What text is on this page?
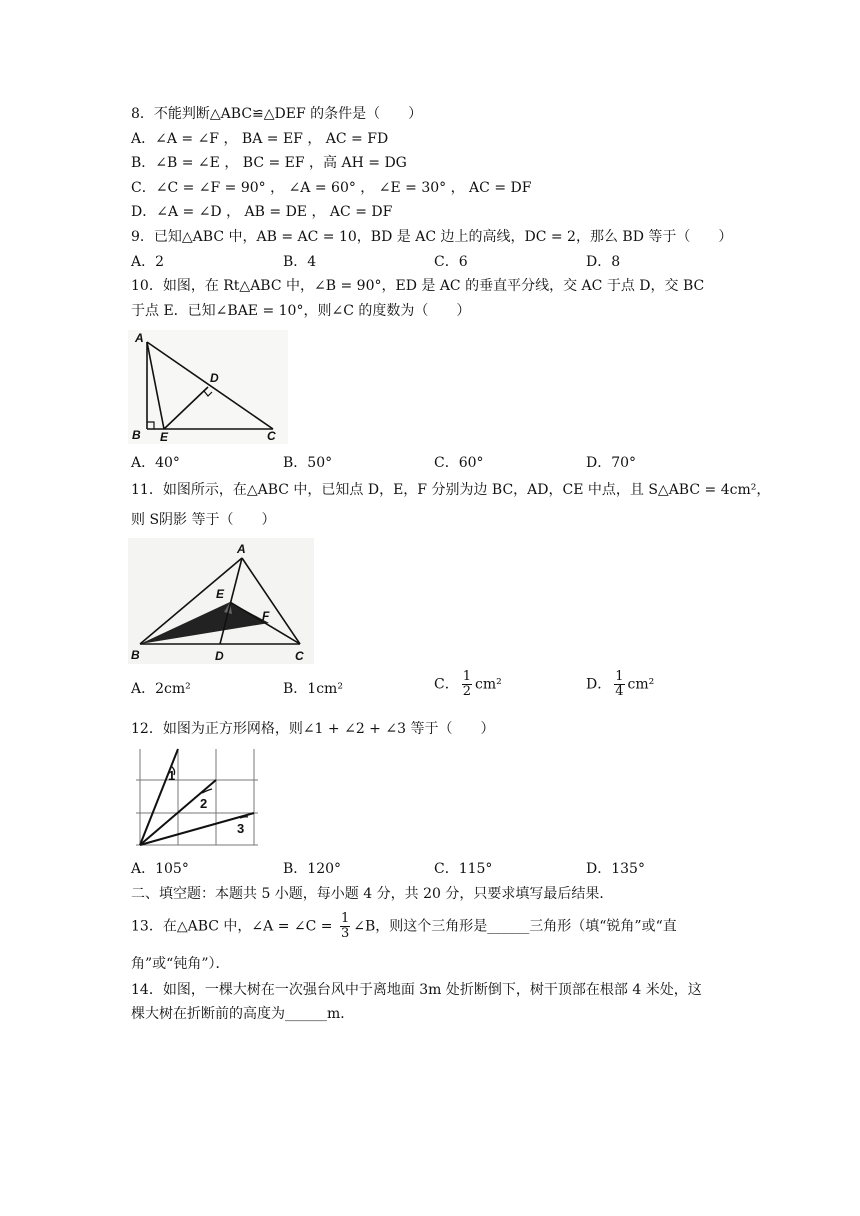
8．不能判断△ABC≌△DEF 的条件是（　　）
A．∠A = ∠F ， BA = EF ， AC = FD
B．∠B = ∠E ， BC = EF ，高 AH = DG
C．∠C = ∠F = 90° ， ∠A = 60° ， ∠E = 30° ， AC = DF
D．∠A = ∠D ， AB = DE ， AC = DF
9．已知△ABC 中，AB = AC = 10，BD 是 AC 边上的高线，DC = 2，那么 BD 等于（　　）
A．2	B．4	C．6	D．8
10．如图，在 Rt△ABC 中，∠B = 90°，ED 是 AC 的垂直平分线，交 AC 于点 D，交 BC
于点 E．已知∠BAE = 10°，则∠C 的度数为（　　）
A
B	C
D
E
A．40°	B．50°	C．60°	D．70°
11．如图所示，在△ABC 中，已知点 D，E，F 分别为边 BC，AD，CE 中点，且 S△ABC = 4cm²，
则 S阴影 等于（　　）
A
B	C
D
E
F
A．2cm²	B．1cm²	C． $\frac{1}{2} cm^2$	D． $\frac{1}{4} cm^2$
12．如图为正方形网格，则∠1 + ∠2 + ∠3 等于（　　）
1
2
3
A．105°	B．120°	C．115°	D．135°
二、填空题：本题共 5 小题，每小题 4 分，共 20 分，只要求填写最后结果．
13．在△ABC 中，∠A = ∠C = $\frac{1}{3}$ ∠B，则这个三角形是______三角形（填“锐角”或“直
角”或“钝角”）．
14．如图，一棵大树在一次强台风中于离地面 3m 处折断倒下，树干顶部在根部 4 米处，这
棵大树在折断前的高度为______m．
